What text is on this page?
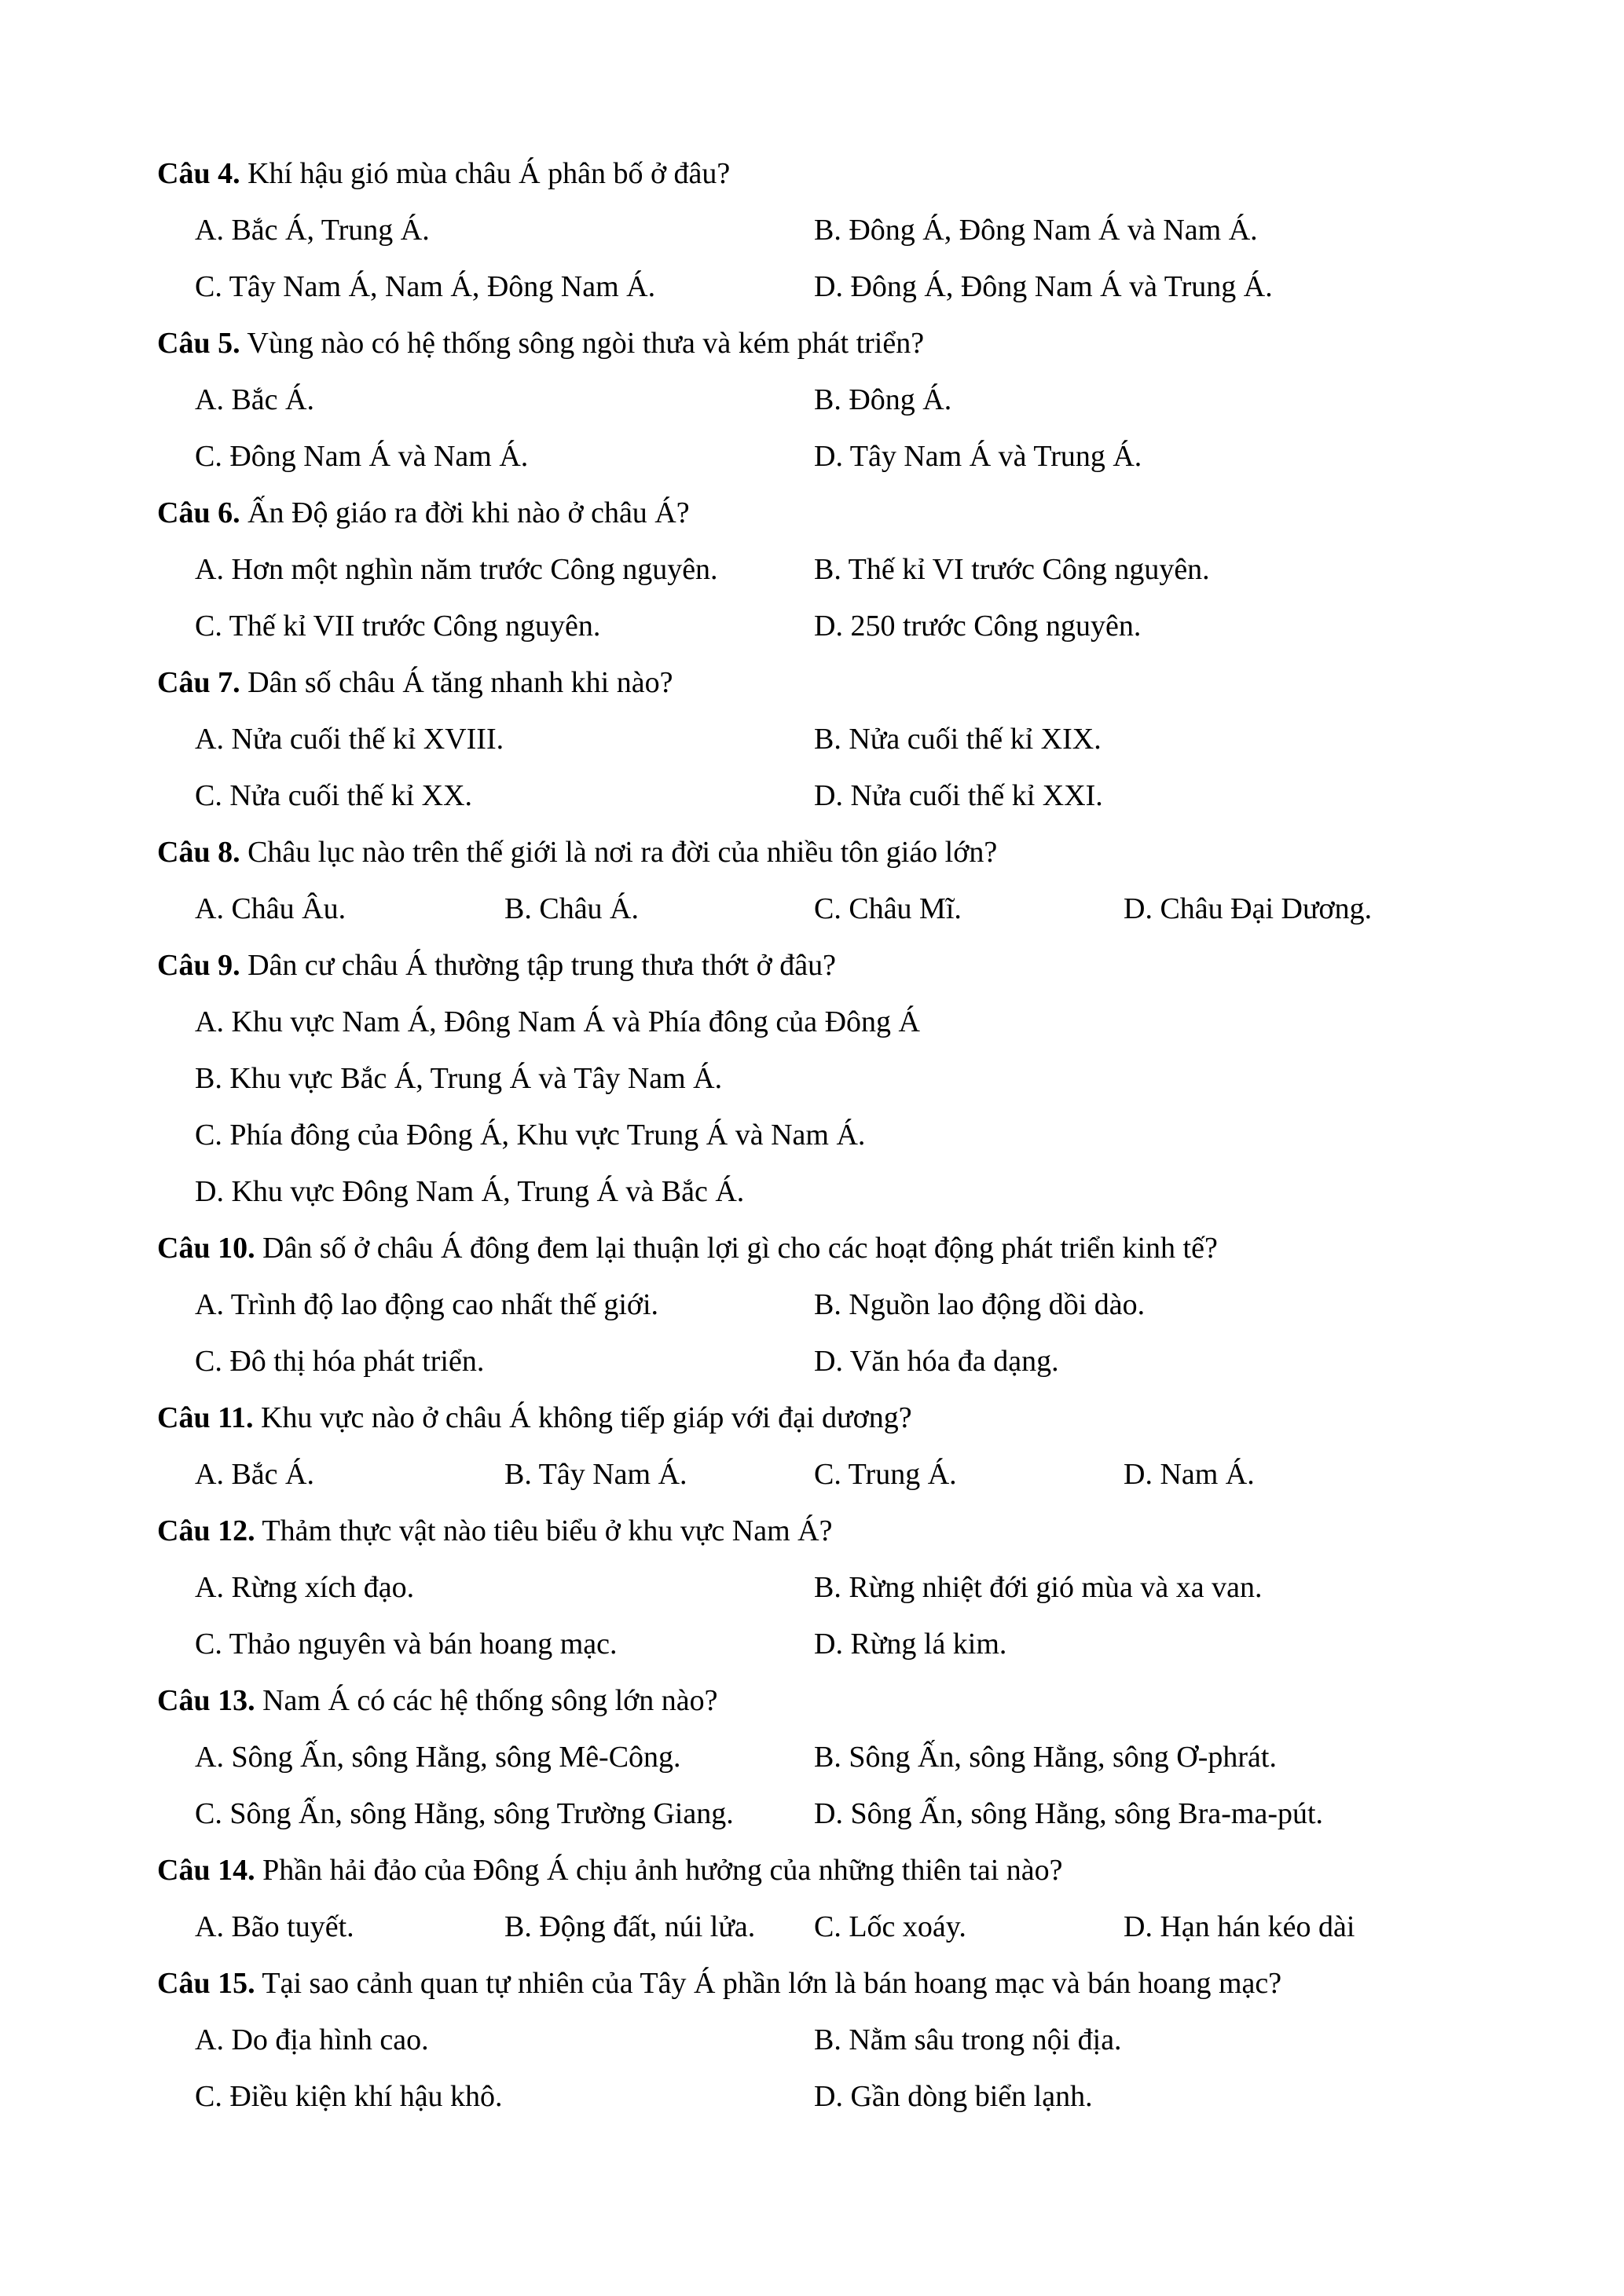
Câu 4. Khí hậu gió mùa châu Á phân bố ở đâu?
A. Bắc Á, Trung Á.	B. Đông Á, Đông Nam Á và Nam Á.
C. Tây Nam Á, Nam Á, Đông Nam Á.	D. Đông Á, Đông Nam Á và Trung Á.
Câu 5. Vùng nào có hệ thống sông ngòi thưa và kém phát triển?
A. Bắc Á.	B. Đông Á.
C. Đông Nam Á và Nam Á.	D. Tây Nam Á và Trung Á.
Câu 6. Ấn Độ giáo ra đời khi nào ở châu Á?
A. Hơn một nghìn năm trước Công nguyên.	B. Thế kỉ VI trước Công nguyên.
C. Thế kỉ VII trước Công nguyên.	D. 250 trước Công nguyên.
Câu 7. Dân số châu Á tăng nhanh khi nào?
A. Nửa cuối thế kỉ XVIII.	B. Nửa cuối thế kỉ XIX.
C. Nửa cuối thế kỉ XX.	D. Nửa cuối thế kỉ XXI.
Câu 8. Châu lục nào trên thế giới là nơi ra đời của nhiều tôn giáo lớn?
A. Châu Âu.	B. Châu Á.	C. Châu Mĩ.	D. Châu Đại Dương.
Câu 9. Dân cư châu Á thường tập trung thưa thớt ở đâu?
A. Khu vực Nam Á, Đông Nam Á và Phía đông của Đông Á
B. Khu vực Bắc Á, Trung Á và Tây Nam Á.
C. Phía đông của Đông Á, Khu vực Trung Á và Nam Á.
D. Khu vực Đông Nam Á, Trung Á và Bắc Á.
Câu 10. Dân số ở châu Á đông đem lại thuận lợi gì cho các hoạt động phát triển kinh tế?
A. Trình độ lao động cao nhất thế giới.	B. Nguồn lao động dồi dào.
C. Đô thị hóa phát triển.	D. Văn hóa đa dạng.
Câu 11. Khu vực nào ở châu Á không tiếp giáp với đại dương?
A. Bắc Á.	B. Tây Nam Á.	C. Trung Á.	D. Nam Á.
Câu 12. Thảm thực vật nào tiêu biểu ở khu vực Nam Á?
A. Rừng xích đạo.	B. Rừng nhiệt đới gió mùa và xa van.
C. Thảo nguyên và bán hoang mạc.	D. Rừng lá kim.
Câu 13. Nam Á có các hệ thống sông lớn nào?
A. Sông Ấn, sông Hằng, sông Mê-Công.	B. Sông Ấn, sông Hằng, sông Ơ-phrát.
C. Sông Ấn, sông Hằng, sông Trường Giang.	D. Sông Ấn, sông Hằng, sông Bra-ma-pút.
Câu 14. Phần hải đảo của Đông Á chịu ảnh hưởng của những thiên tai nào?
A. Bão tuyết.	B. Động đất, núi lửa. C. Lốc xoáy.	D. Hạn hán kéo dài
Câu 15. Tại sao cảnh quan tự nhiên của Tây Á phần lớn là bán hoang mạc và bán hoang mạc?
A. Do địa hình cao.	B. Nằm sâu trong nội địa.
C. Điều kiện khí hậu khô.	D. Gần dòng biển lạnh.
